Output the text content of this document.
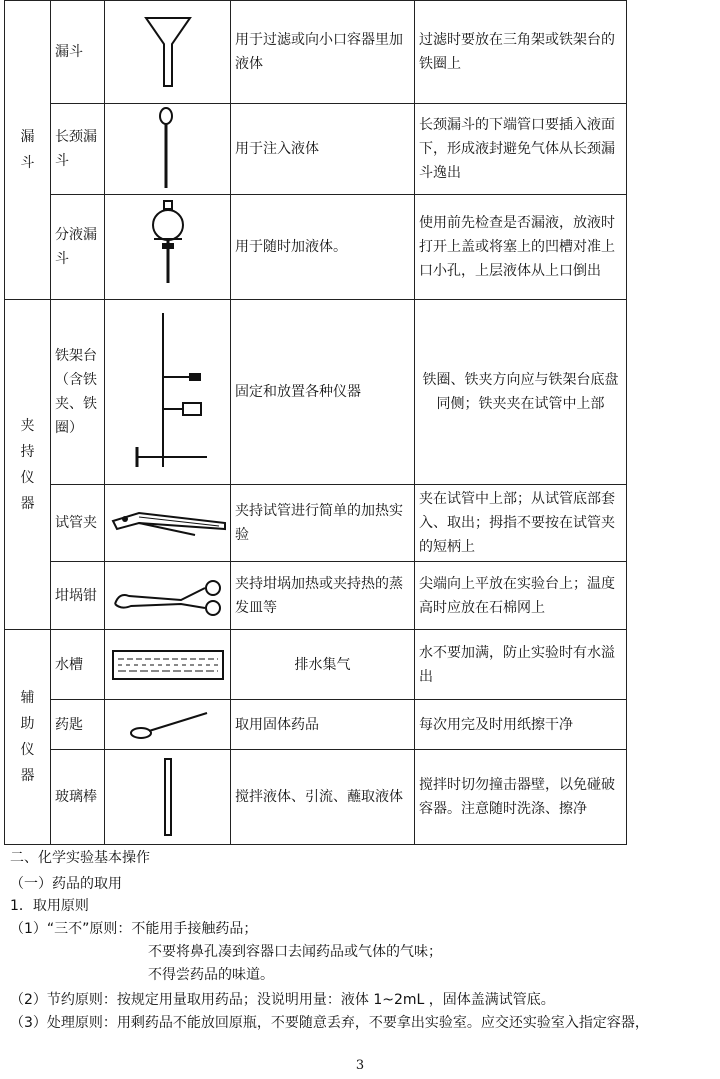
漏
斗	漏斗		用于过滤或向小口容器里加液体	过滤时要放在三角架或铁架台的铁圈上
	长颈漏斗		用于注入液体	长颈漏斗的下端管口要插入液面下，形成液封避免气体从长颈漏斗逸出
	分液漏斗		用于随时加液体。	使用前先检查是否漏液，放液时打开上盖或将塞上的凹槽对准上口小孔，上层液体从上口倒出

夹
持
仪
器	铁架台（含铁夹、铁圈）		固定和放置各种仪器	铁圈、铁夹方向应与铁架台底盘同侧；铁夹夹在试管中上部
	试管夹		夹持试管进行简单的加热实验	夹在试管中上部；从试管底部套入、取出；拇指不要按在试管夹的短柄上
	坩埚钳		夹持坩埚加热或夹持热的蒸发皿等	尖端向上平放在实验台上；温度高时应放在石棉网上

辅
助
仪
器	水槽		排水集气	水不要加满，防止实验时有水溢出
	药匙		取用固体药品	每次用完及时用纸擦干净
	玻璃棒		搅拌液体、引流、蘸取液体	搅拌时切勿撞击器壁，以免碰破容器。注意随时洗涤、擦净
二、化学实验基本操作
（一）药品的取用
1．取用原则
（1）“三不”原则：不能用手接触药品；
不要将鼻孔凑到容器口去闻药品或气体的气味；
不得尝药品的味道。
（2）节约原则：按规定用量取用药品；没说明用量：液体 1~2mL ，固体盖满试管底。
（3）处理原则：用剩药品不能放回原瓶，不要随意丢弃，不要拿出实验室。应交还实验室入指定容器，
3
